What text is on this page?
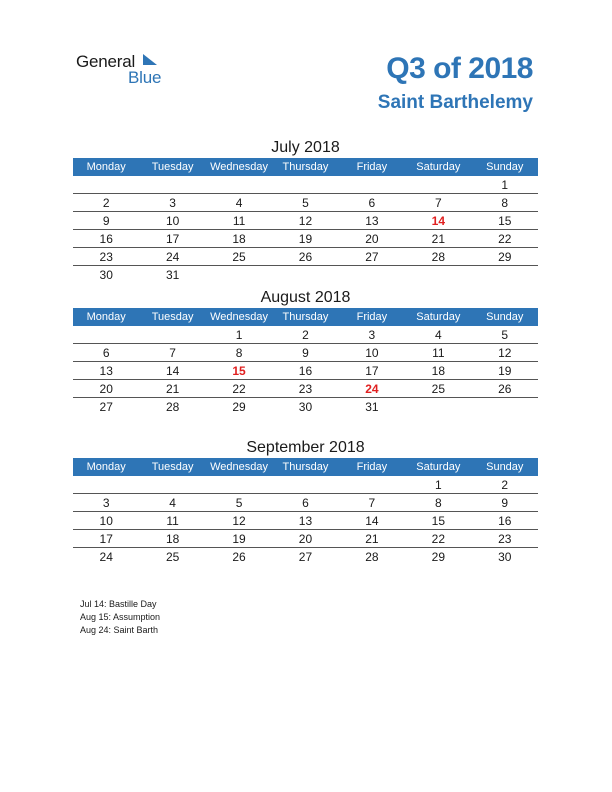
General
Blue	Q3 of 2018
Saint Barthelemy
July 2018
Monday	Tuesday	Wednesday	Thursday	Friday	Saturday	Sunday
						1
2	3	4	5	6	7	8
9	10	11	12	13	14	15
16	17	18	19	20	21	22
23	24	25	26	27	28	29
30	31					
August 2018
Monday	Tuesday	Wednesday	Thursday	Friday	Saturday	Sunday
		1	2	3	4	5
6	7	8	9	10	11	12
13	14	15	16	17	18	19
20	21	22	23	24	25	26
27	28	29	30	31		
September 2018
Monday	Tuesday	Wednesday	Thursday	Friday	Saturday	Sunday
					1	2
3	4	5	6	7	8	9
10	11	12	13	14	15	16
17	18	19	20	21	22	23
24	25	26	27	28	29	30
Jul 14: Bastille Day
Aug 15: Assumption
Aug 24: Saint Barth
